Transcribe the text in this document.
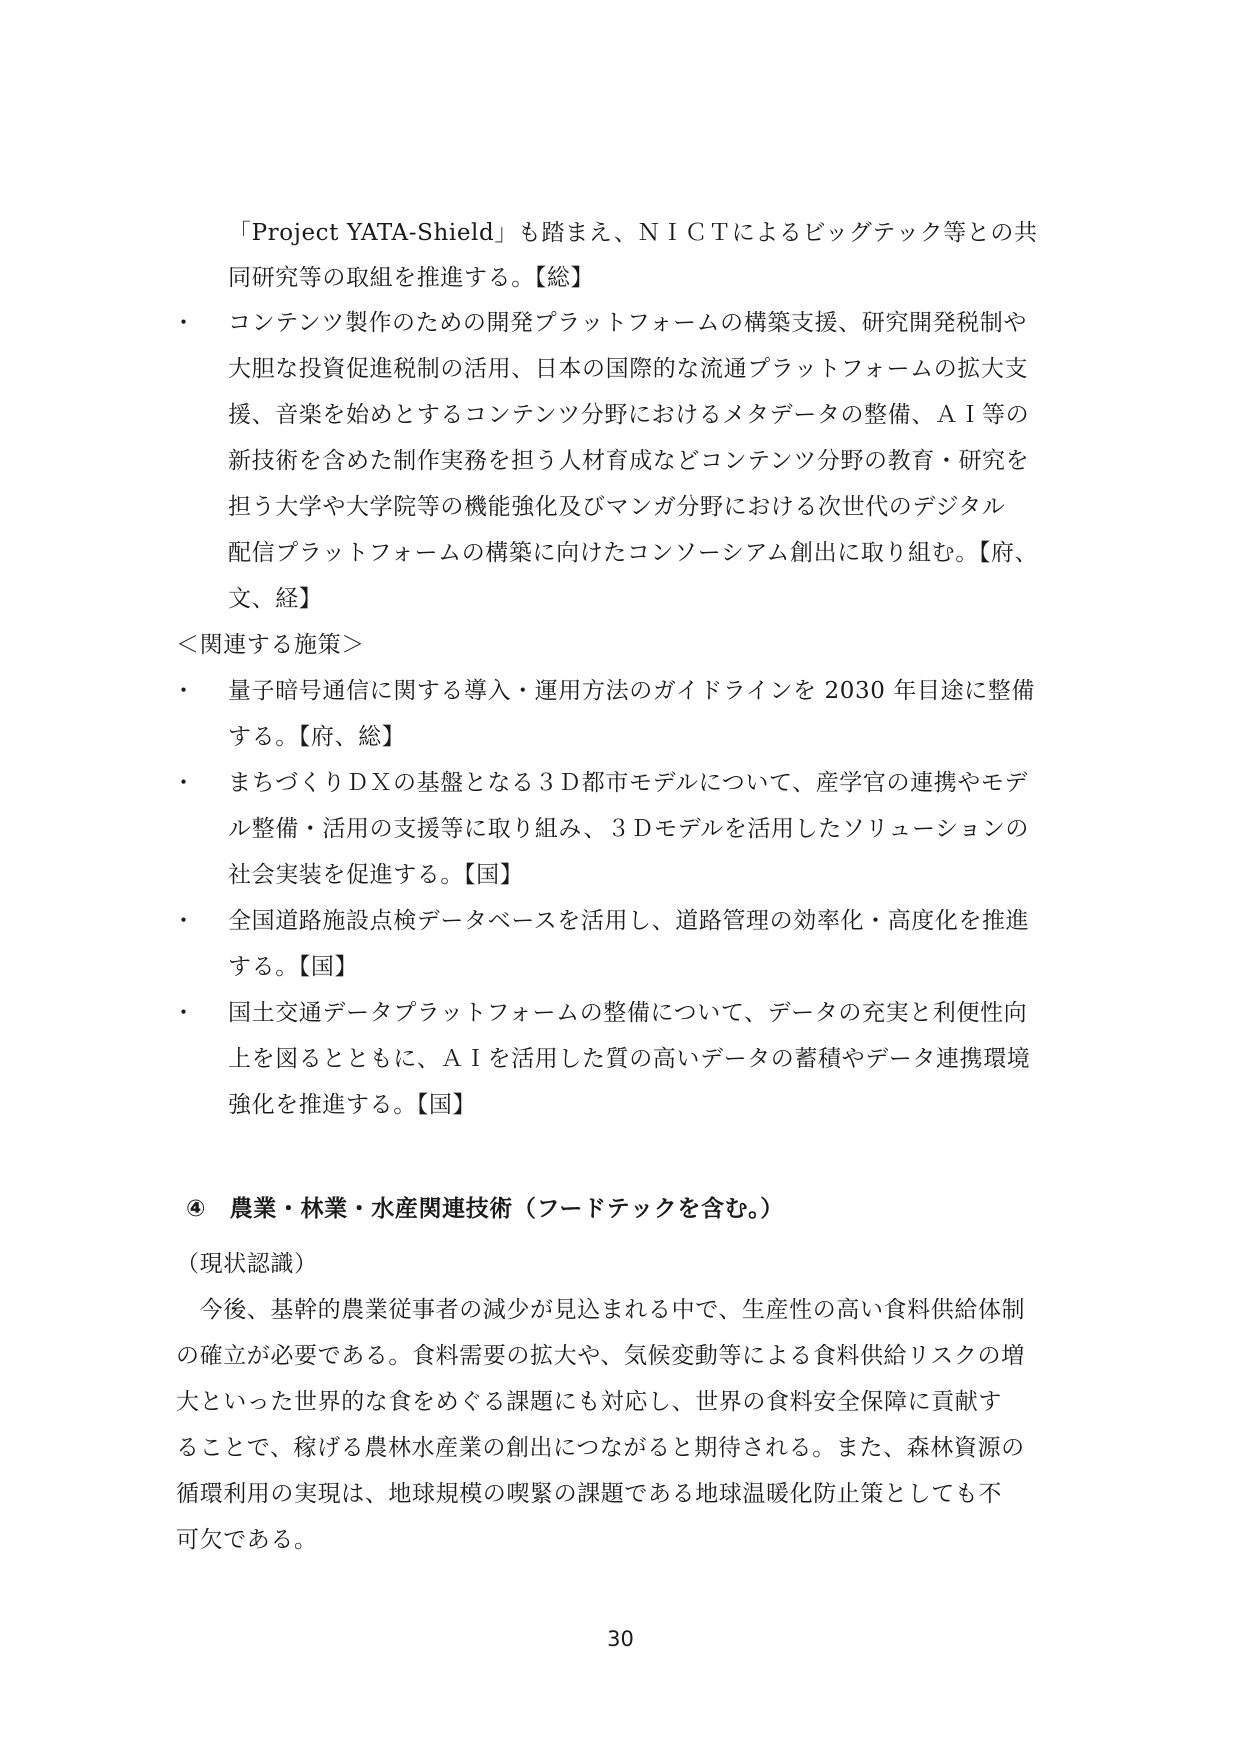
「Project YATA-Shield」も踏まえ、ＮＩＣＴによるビッグテック等との共
同研究等の取組を推進する。【総】
・ コンテンツ製作のための開発プラットフォームの構築支援、研究開発税制や
大胆な投資促進税制の活用、日本の国際的な流通プラットフォームの拡大支
援、音楽を始めとするコンテンツ分野におけるメタデータの整備、ＡＩ等の
新技術を含めた制作実務を担う人材育成などコンテンツ分野の教育・研究を
担う大学や大学院等の機能強化及びマンガ分野における次世代のデジタル
配信プラットフォームの構築に向けたコンソーシアム創出に取り組む。【府、
文、経】
＜関連する施策＞
・ 量子暗号通信に関する導入・運用方法のガイドラインを 2030 年目途に整備
する。【府、総】
・ まちづくりＤＸの基盤となる３Ｄ都市モデルについて、産学官の連携やモデ
ル整備・活用の支援等に取り組み、３Ｄモデルを活用したソリューションの
社会実装を促進する。【国】
・ 全国道路施設点検データベースを活用し、道路管理の効率化・高度化を推進
する。【国】
・ 国土交通データプラットフォームの整備について、データの充実と利便性向
上を図るとともに、ＡＩを活用した質の高いデータの蓄積やデータ連携環境
強化を推進する。【国】
④　農業・林業・水産関連技術（フードテックを含む。）
（現状認識）
　今後、基幹的農業従事者の減少が見込まれる中で、生産性の高い食料供給体制
の確立が必要である。食料需要の拡大や、気候変動等による食料供給リスクの増
大といった世界的な食をめぐる課題にも対応し、世界の食料安全保障に貢献す
ることで、稼げる農林水産業の創出につながると期待される。また、森林資源の
循環利用の実現は、地球規模の喫緊の課題である地球温暖化防止策としても不
可欠である。
30
